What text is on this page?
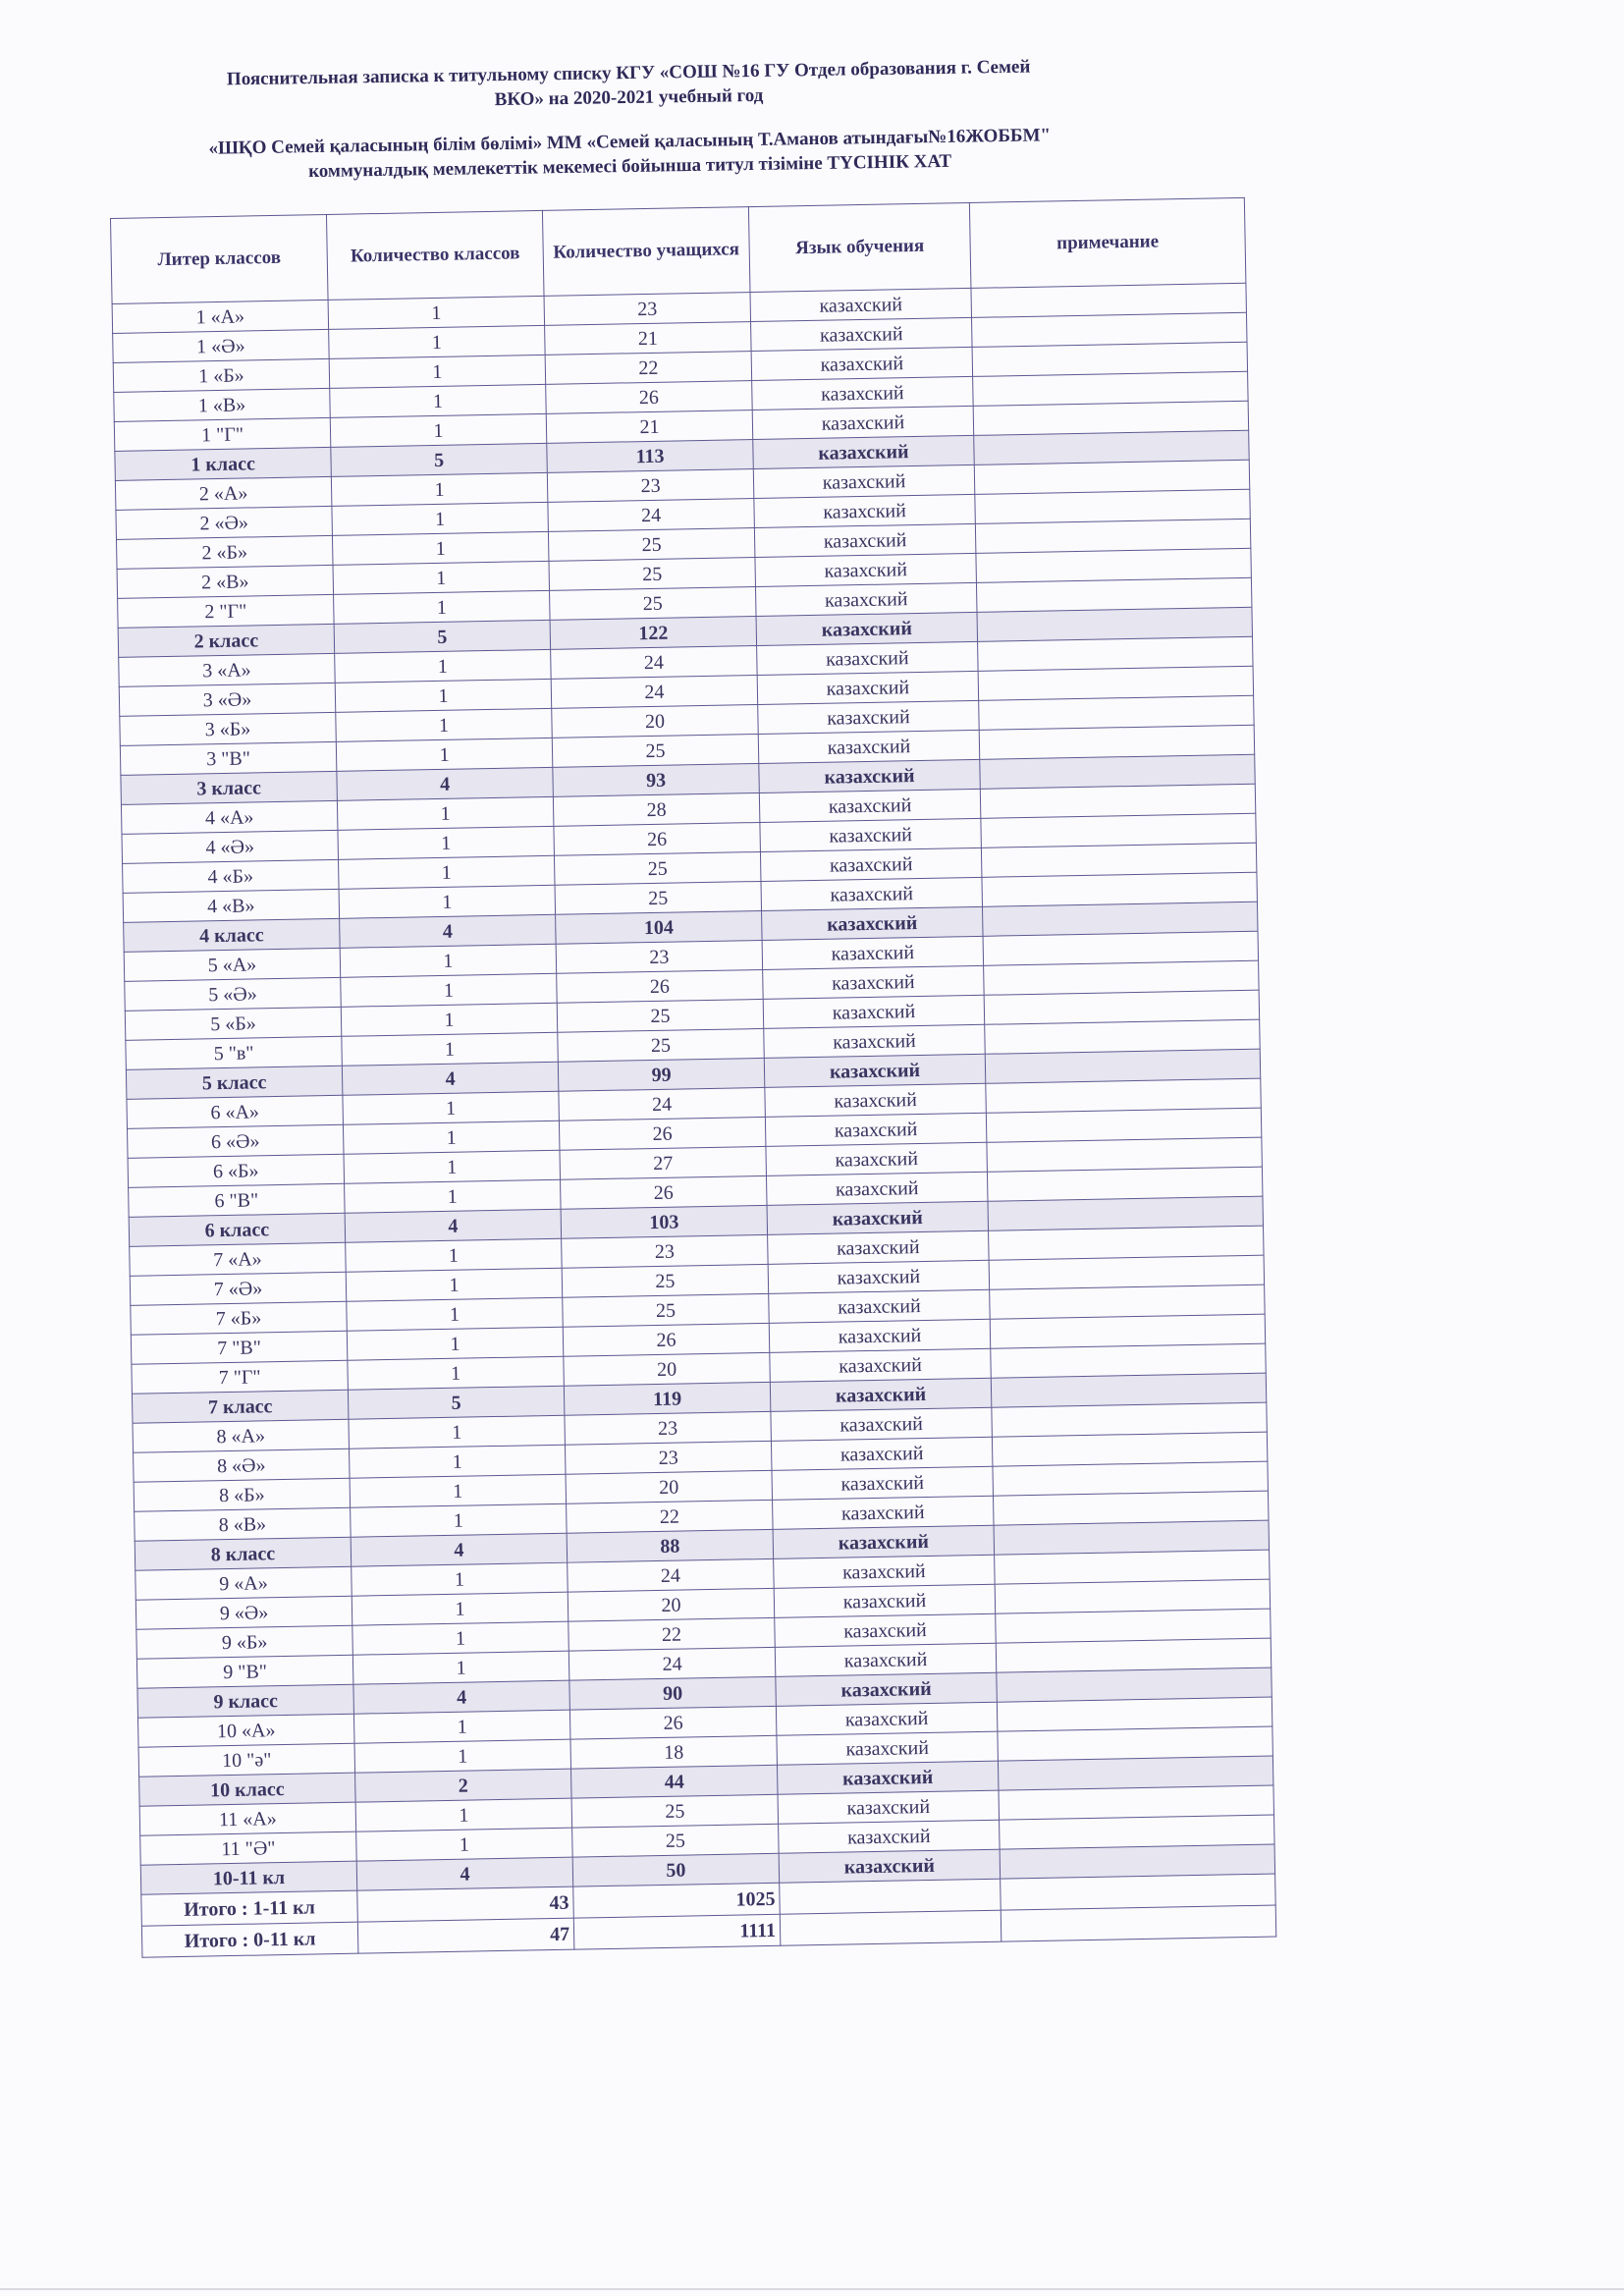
Пояснительная записка к титульному списку КГУ «СОШ №16 ГУ Отдел образования г. Семей
ВКО» на 2020-2021 учебный год
«ШҚО Семей қаласының білім бөлімі» ММ «Семей қаласының Т.Аманов атындағы№16ЖОББМ"
коммуналдық мемлекеттік мекемесі бойынша титул тізіміне ТҮСІНІК ХАТ
Литер классов	Количество классов	Количество учащихся	Язык обучения	примечание
1 «А»	1	23	казахский	
1 «Ә»	1	21	казахский	
1 «Б»	1	22	казахский	
1 «В»	1	26	казахский	
1 "Г"	1	21	казахский	
1 класс	5	113	казахский	
2 «А»	1	23	казахский	
2 «Ә»	1	24	казахский	
2 «Б»	1	25	казахский	
2 «В»	1	25	казахский	
2 "Г"	1	25	казахский	
2 класс	5	122	казахский	
3 «А»	1	24	казахский	
3 «Ә»	1	24	казахский	
3 «Б»	1	20	казахский	
3 "В"	1	25	казахский	
3 класс	4	93	казахский	
4 «А»	1	28	казахский	
4 «Ә»	1	26	казахский	
4 «Б»	1	25	казахский	
4 «В»	1	25	казахский	
4 класс	4	104	казахский	
5 «А»	1	23	казахский	
5 «Ә»	1	26	казахский	
5 «Б»	1	25	казахский	
5 "в"	1	25	казахский	
5 класс	4	99	казахский	
6 «А»	1	24	казахский	
6 «Ә»	1	26	казахский	
6 «Б»	1	27	казахский	
6 "В"	1	26	казахский	
6 класс	4	103	казахский	
7 «А»	1	23	казахский	
7 «Ә»	1	25	казахский	
7 «Б»	1	25	казахский	
7 "В"	1	26	казахский	
7 "Г"	1	20	казахский	
7 класс	5	119	казахский	
8 «А»	1	23	казахский	
8 «Ә»	1	23	казахский	
8 «Б»	1	20	казахский	
8 «В»	1	22	казахский	
8 класс	4	88	казахский	
9 «А»	1	24	казахский	
9 «Ә»	1	20	казахский	
9 «Б»	1	22	казахский	
9 "В"	1	24	казахский	
9 класс	4	90	казахский	
10 «А»	1	26	казахский	
10 "ә"	1	18	казахский	
10 класс	2	44	казахский	
11 «А»	1	25	казахский	
11 "Ә"	1	25	казахский	
10-11 кл	4	50	казахский	
Итого : 1-11 кл	43	1025		
Итого : 0-11 кл	47	1111		
